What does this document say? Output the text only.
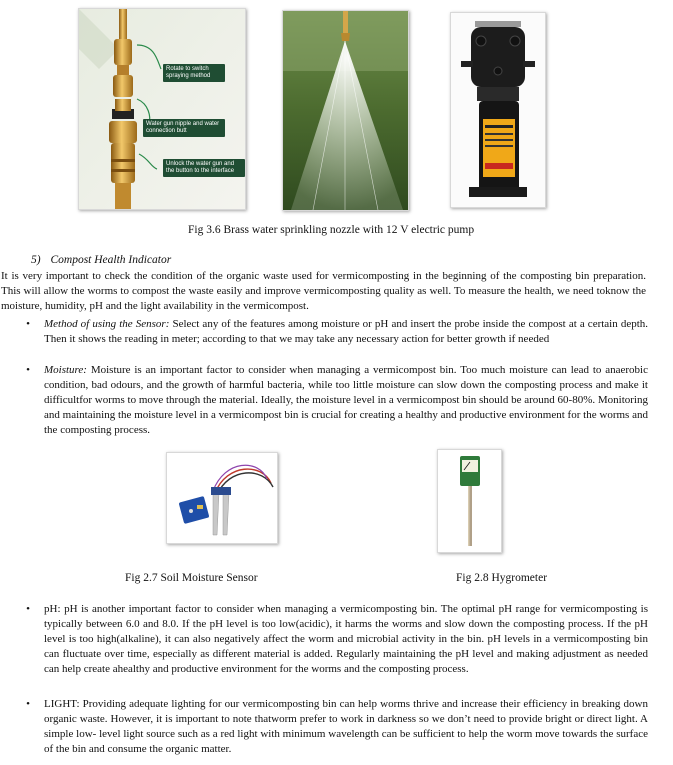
Rotate to switch spraying method
Water gun nipple and water connection butt
Unlock the water gun and the button to the interface
Fig 3.6 Brass water sprinkling nozzle with 12 V electric pump
5) Compost Health Indicator

It is very important to check the condition of the organic waste used for vermicomposting in the beginning of the composting bin preparation. This will allow the worms to compost the waste easily and improve vermicomposting quality as well. To measure the health, we need toknow the moisture, humidity, pH and the light availability in the vermicompost.

• Method of using the Sensor: Select any of the features among moisture or pH and insert the probe inside the compost at a certain depth. Then it shows the reading in meter; according to that we may take any necessary action for better growth if needed
• Moisture: Moisture is an important factor to consider when managing a vermicompost bin. Too much moisture can lead to anaerobic condition, bad odours, and the growth of harmful bacteria, while too little moisture can slow down the composting process and make it difficultfor worms to move through the material. Ideally, the moisture level in a vermicompost bin should be around 60-80%. Monitoring and maintaining the moisture level in a vermicompost bin is crucial for creating a healthy and productive environment for the worms and the composting process.
Fig 2.7 Soil Moisture Sensor	Fig 2.8 Hygrometer
• pH: pH is another important factor to consider when managing a vermicomposting bin. The optimal pH range for vermicomposting is typically between 6.0 and 8.0. If the pH level is too low(acidic), it harms the worms and slow down the composting process. If the pH level is too high(alkaline), it can also negatively affect the worm and microbial activity in the bin. pH levels in a vermicomposting bin can fluctuate over time, especially as different material is added. Regularly maintaining the pH level and making adjustment as needed can help create ahealthy and productive environment for the worms and the composting process.
• LIGHT: Providing adequate lighting for our vermicomposting bin can help worms thrive and increase their efficiency in breaking down organic waste. However, it is important to note thatworm prefer to work in darkness so we don’t need to provide bright or direct light. A simple low- level light source such as a red light with minimum wavelength can be sufficient to help the worm move towards the surface of the bin and consume the organic matter.
